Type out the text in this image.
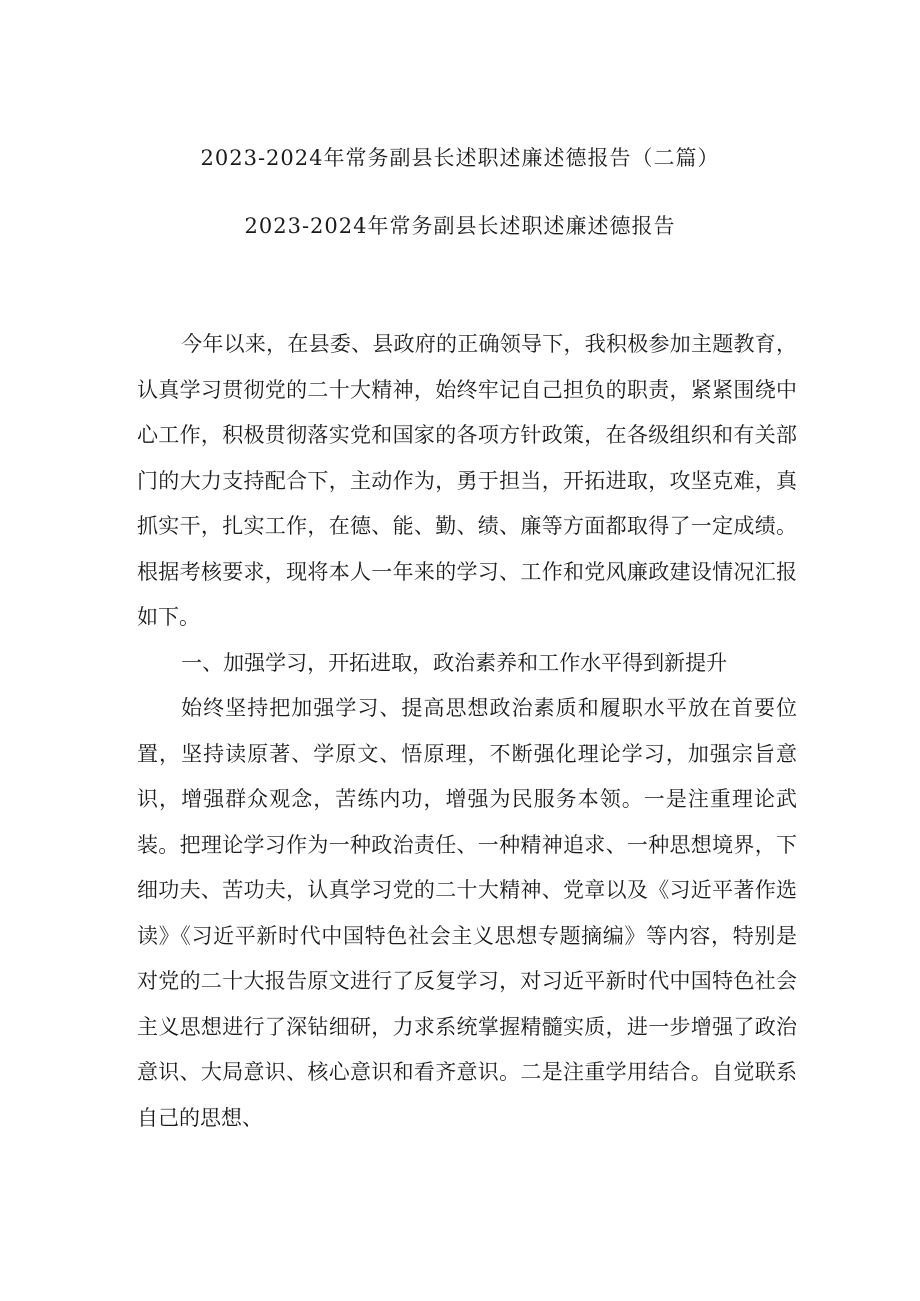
2023-2024年常务副县长述职述廉述德报告（二篇）
2023-2024年常务副县长述职述廉述德报告

今年以来，在县委、县政府的正确领导下，我积极参加主题教育，认真学习贯彻党的二十大精神，始终牢记自己担负的职责，紧紧围绕中心工作，积极贯彻落实党和国家的各项方针政策，在各级组织和有关部门的大力支持配合下，主动作为，勇于担当，开拓进取，攻坚克难，真抓实干，扎实工作，在德、能、勤、绩、廉等方面都取得了一定成绩。根据考核要求，现将本人一年来的学习、工作和党风廉政建设情况汇报如下。

一、加强学习，开拓进取，政治素养和工作水平得到新提升

始终坚持把加强学习、提高思想政治素质和履职水平放在首要位置，坚持读原著、学原文、悟原理，不断强化理论学习，加强宗旨意识，增强群众观念，苦练内功，增强为民服务本领。一是注重理论武装。把理论学习作为一种政治责任、一种精神追求、一种思想境界，下细功夫、苦功夫，认真学习党的二十大精神、党章以及《习近平著作选读》《习近平新时代中国特色社会主义思想专题摘编》等内容，特别是对党的二十大报告原文进行了反复学习，对习近平新时代中国特色社会主义思想进行了深钻细研，力求系统掌握精髓实质，进一步增强了政治意识、大局意识、核心意识和看齐意识。二是注重学用结合。自觉联系自己的思想、
